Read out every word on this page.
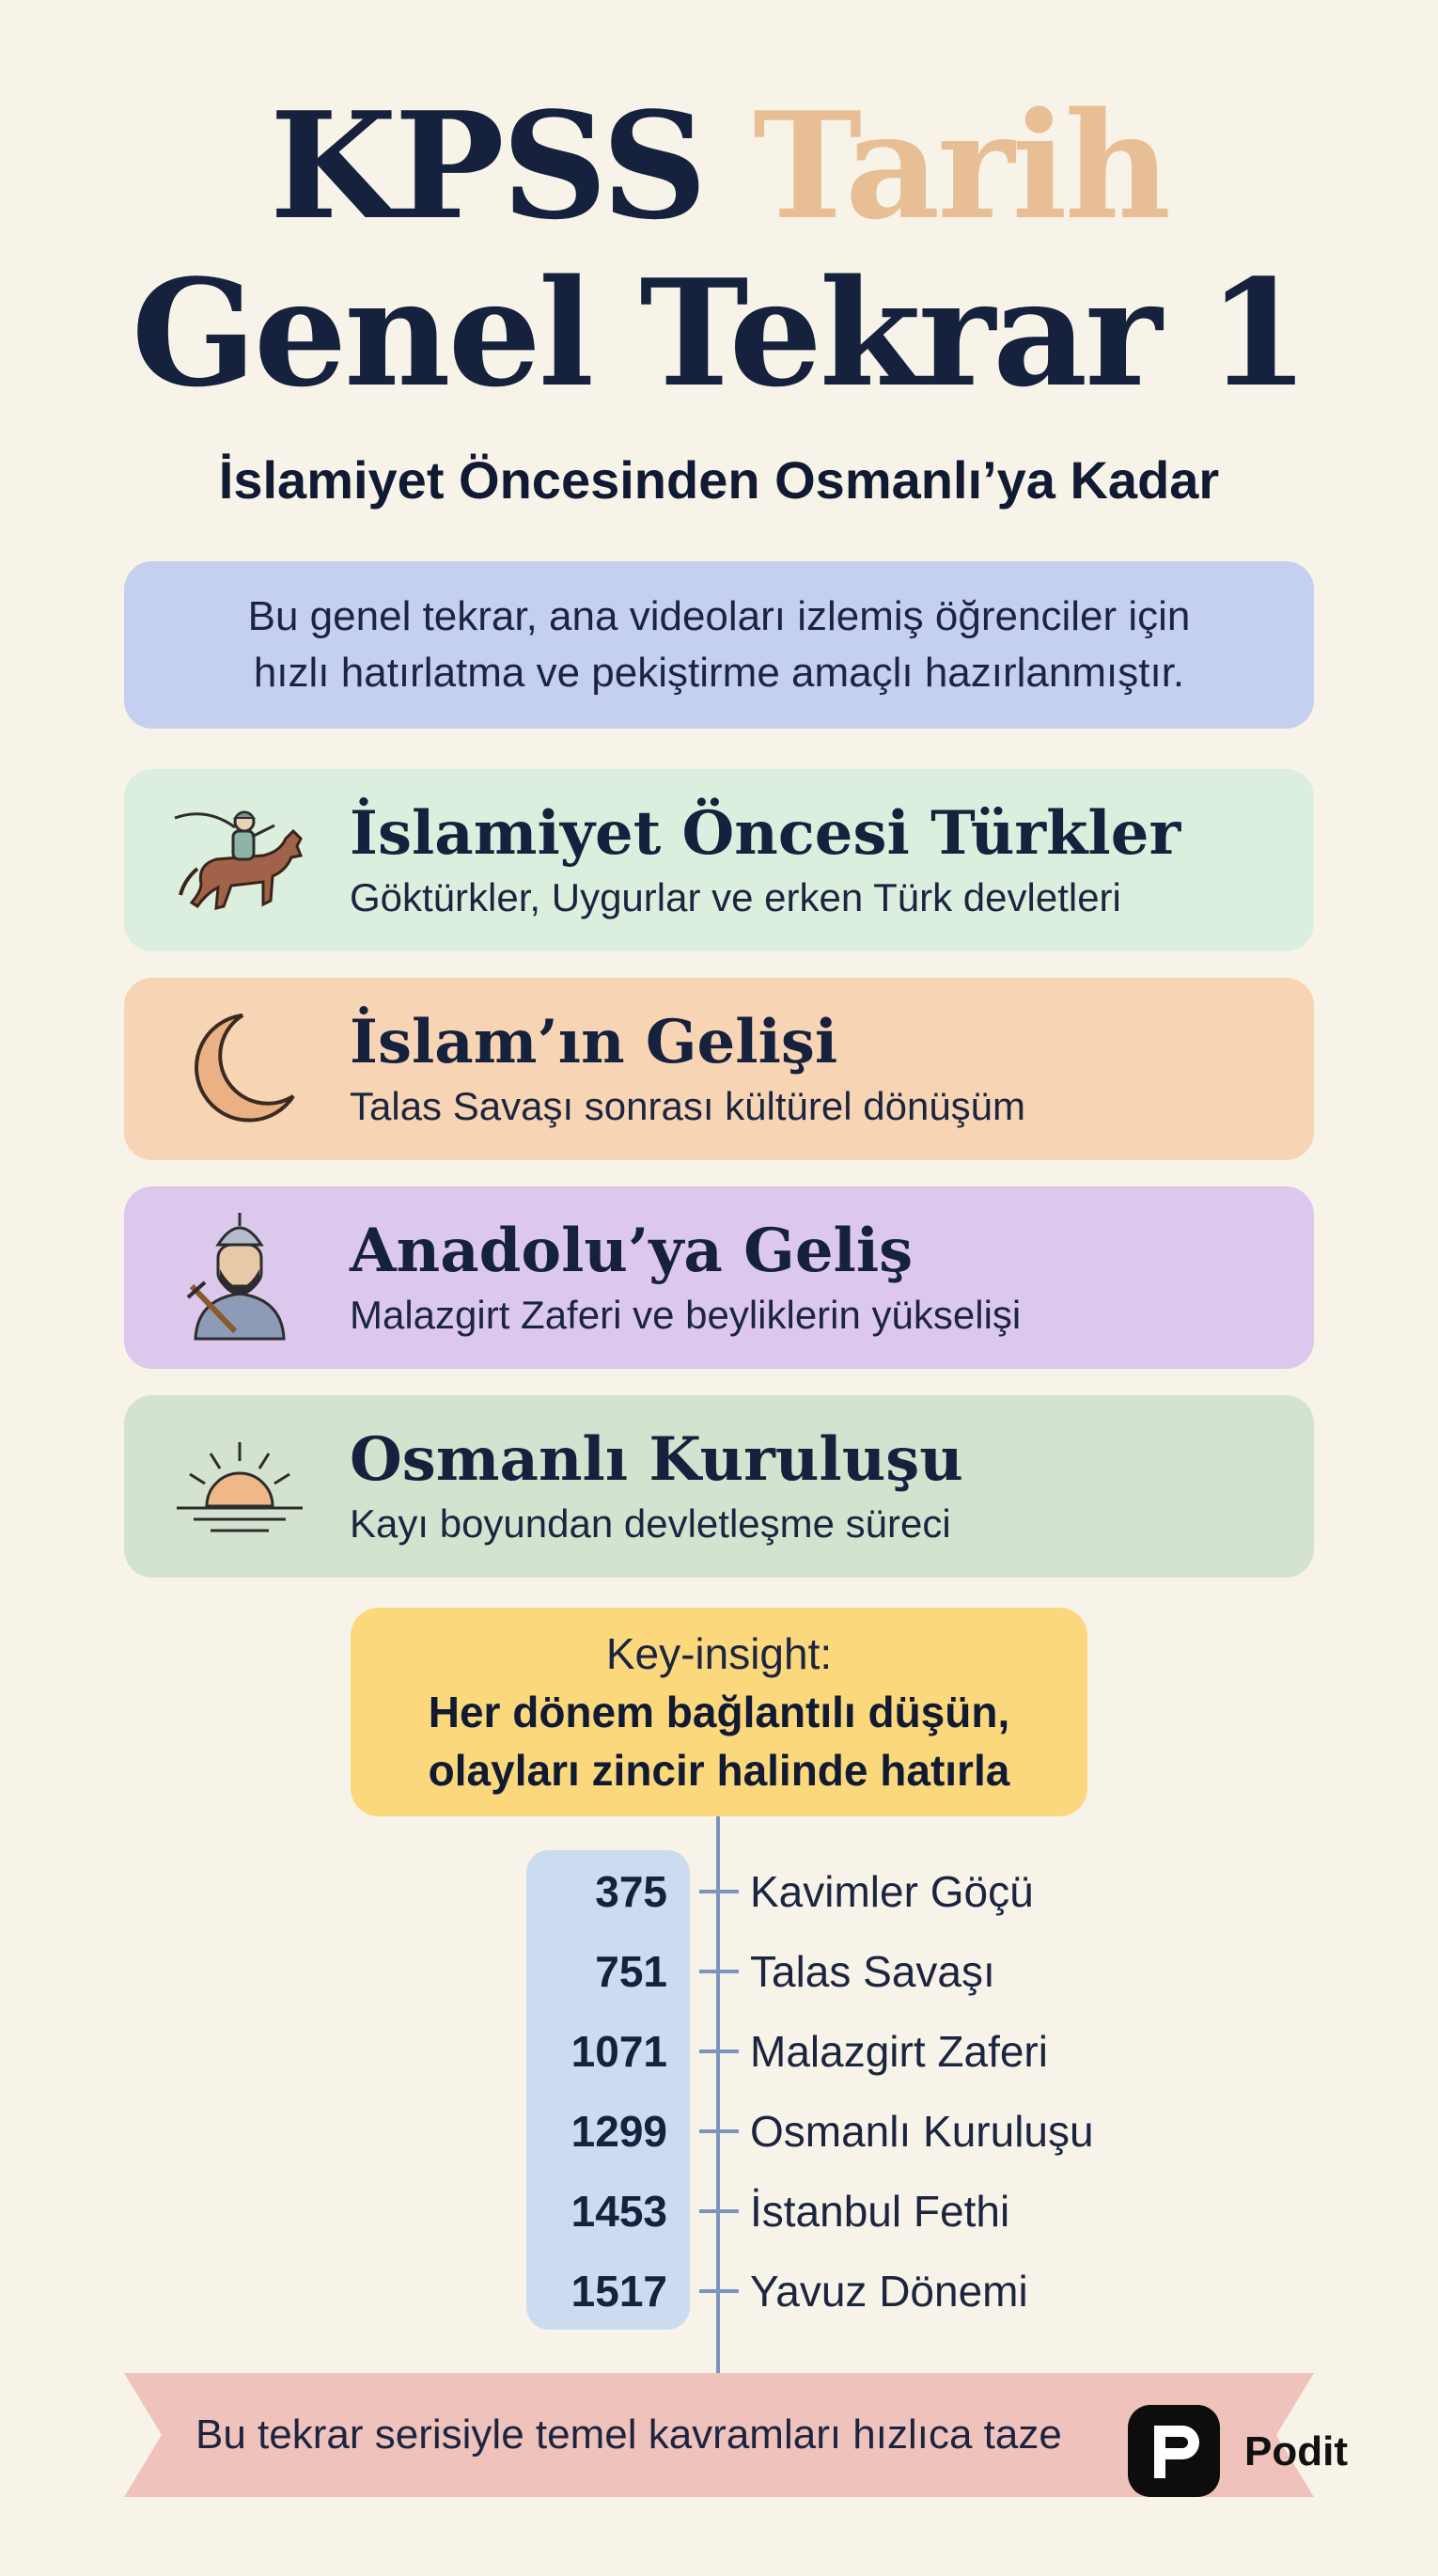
KPSS Tarih
Genel Tekrar 1
İslamiyet Öncesinden Osmanlı’ya Kadar
Bu genel tekrar, ana videoları izlemiş öğrenciler için
hızlı hatırlatma ve pekiştirme amaçlı hazırlanmıştır.
İslamiyet Öncesi Türkler
Göktürkler, Uygurlar ve erken Türk devletleri
İslam’ın Gelişi
Talas Savaşı sonrası kültürel dönüşüm
Anadolu’ya Geliş
Malazgirt Zaferi ve beyliklerin yükselişi
Osmanlı Kuruluşu
Kayı boyundan devletleşme süreci
Key-insight:
Her dönem bağlantılı düşün,
olayları zincir halinde hatırla
375 Kavimler Göçü
751 Talas Savaşı
1071 Malazgirt Zaferi
1299 Osmanlı Kuruluşu
1453 İstanbul Fethi
1517 Yavuz Dönemi
Bu tekrar serisiyle temel kavramları hızlıca taze	Podit
